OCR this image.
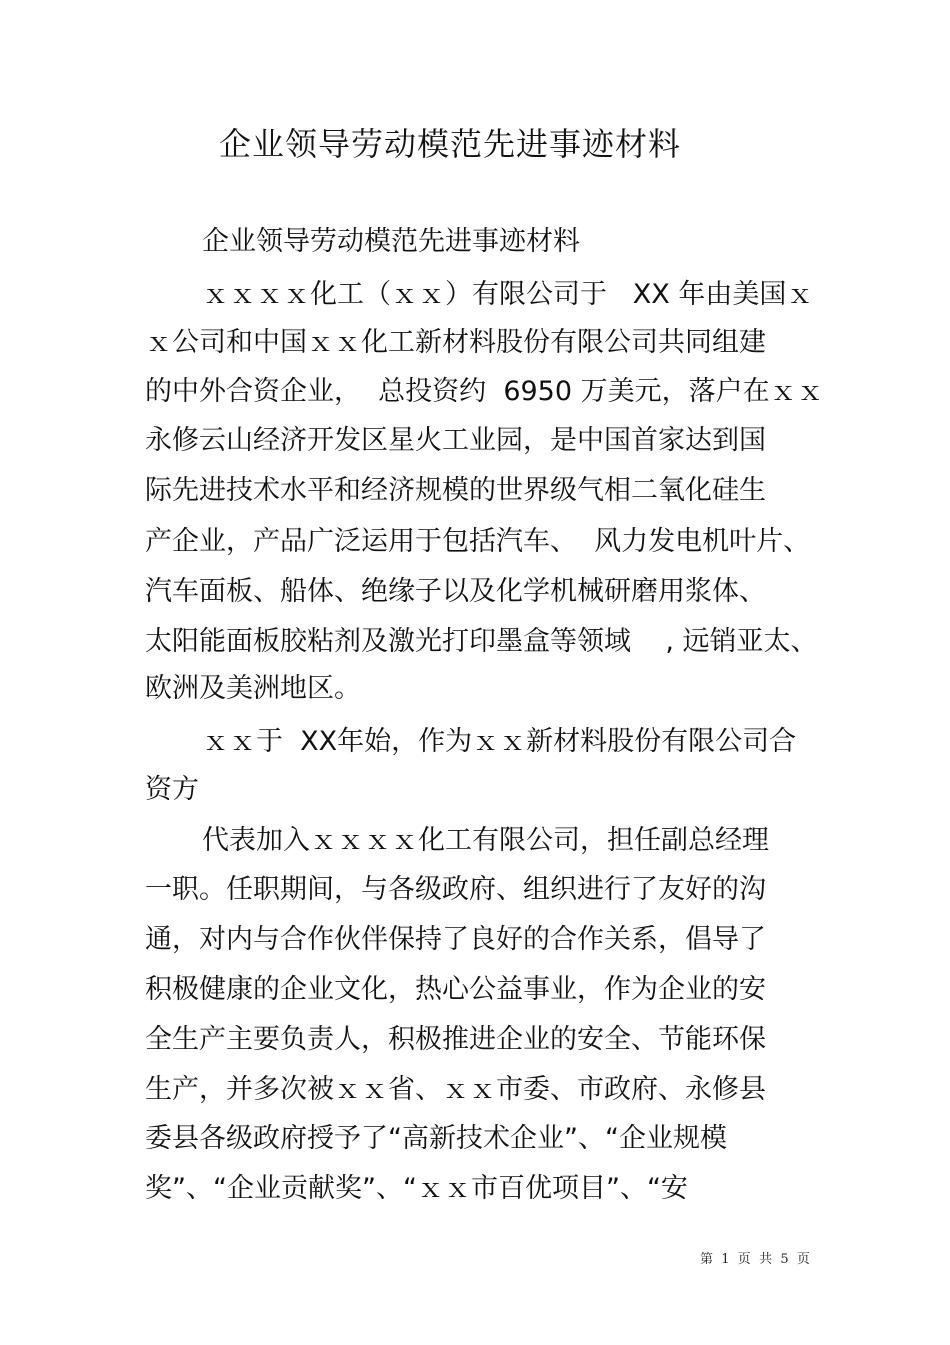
企业领导劳动模范先进事迹材料

企业领导劳动模范先进事迹材料

ｘｘｘｘ化工（ｘｘ）有限公司于   XX 年由美国ｘ

ｘ公司和中国ｘｘ化工新材料股份有限公司共同组建

的中外合资企业，  总投资约  6950 万美元，落户在ｘｘ

永修云山经济开发区星火工业园，是中国首家达到国

际先进技术水平和经济规模的世界级气相二氧化硅生

产企业，产品广泛运用于包括汽车、  风力发电机叶片、

汽车面板、船体、绝缘子以及化学机械研磨用浆体、

太阳能面板胶粘剂及激光打印墨盒等领域    , 远销亚太、

欧洲及美洲地区。

ｘｘ于  XX年始，作为ｘｘ新材料股份有限公司合

资方

代表加入ｘｘｘｘ化工有限公司，担任副总经理

一职。任职期间，与各级政府、组织进行了友好的沟

通，对内与合作伙伴保持了良好的合作关系，倡导了

积极健康的企业文化，热心公益事业，作为企业的安

全生产主要负责人，积极推进企业的安全、节能环保

生产，并多次被ｘｘ省、ｘｘ市委、市政府、永修县

委县各级政府授予了“高新技术企业”、“企业规模

奖”、“企业贡献奖”、“ｘｘ市百优项目”、“安

第  1  页  共  5  页
